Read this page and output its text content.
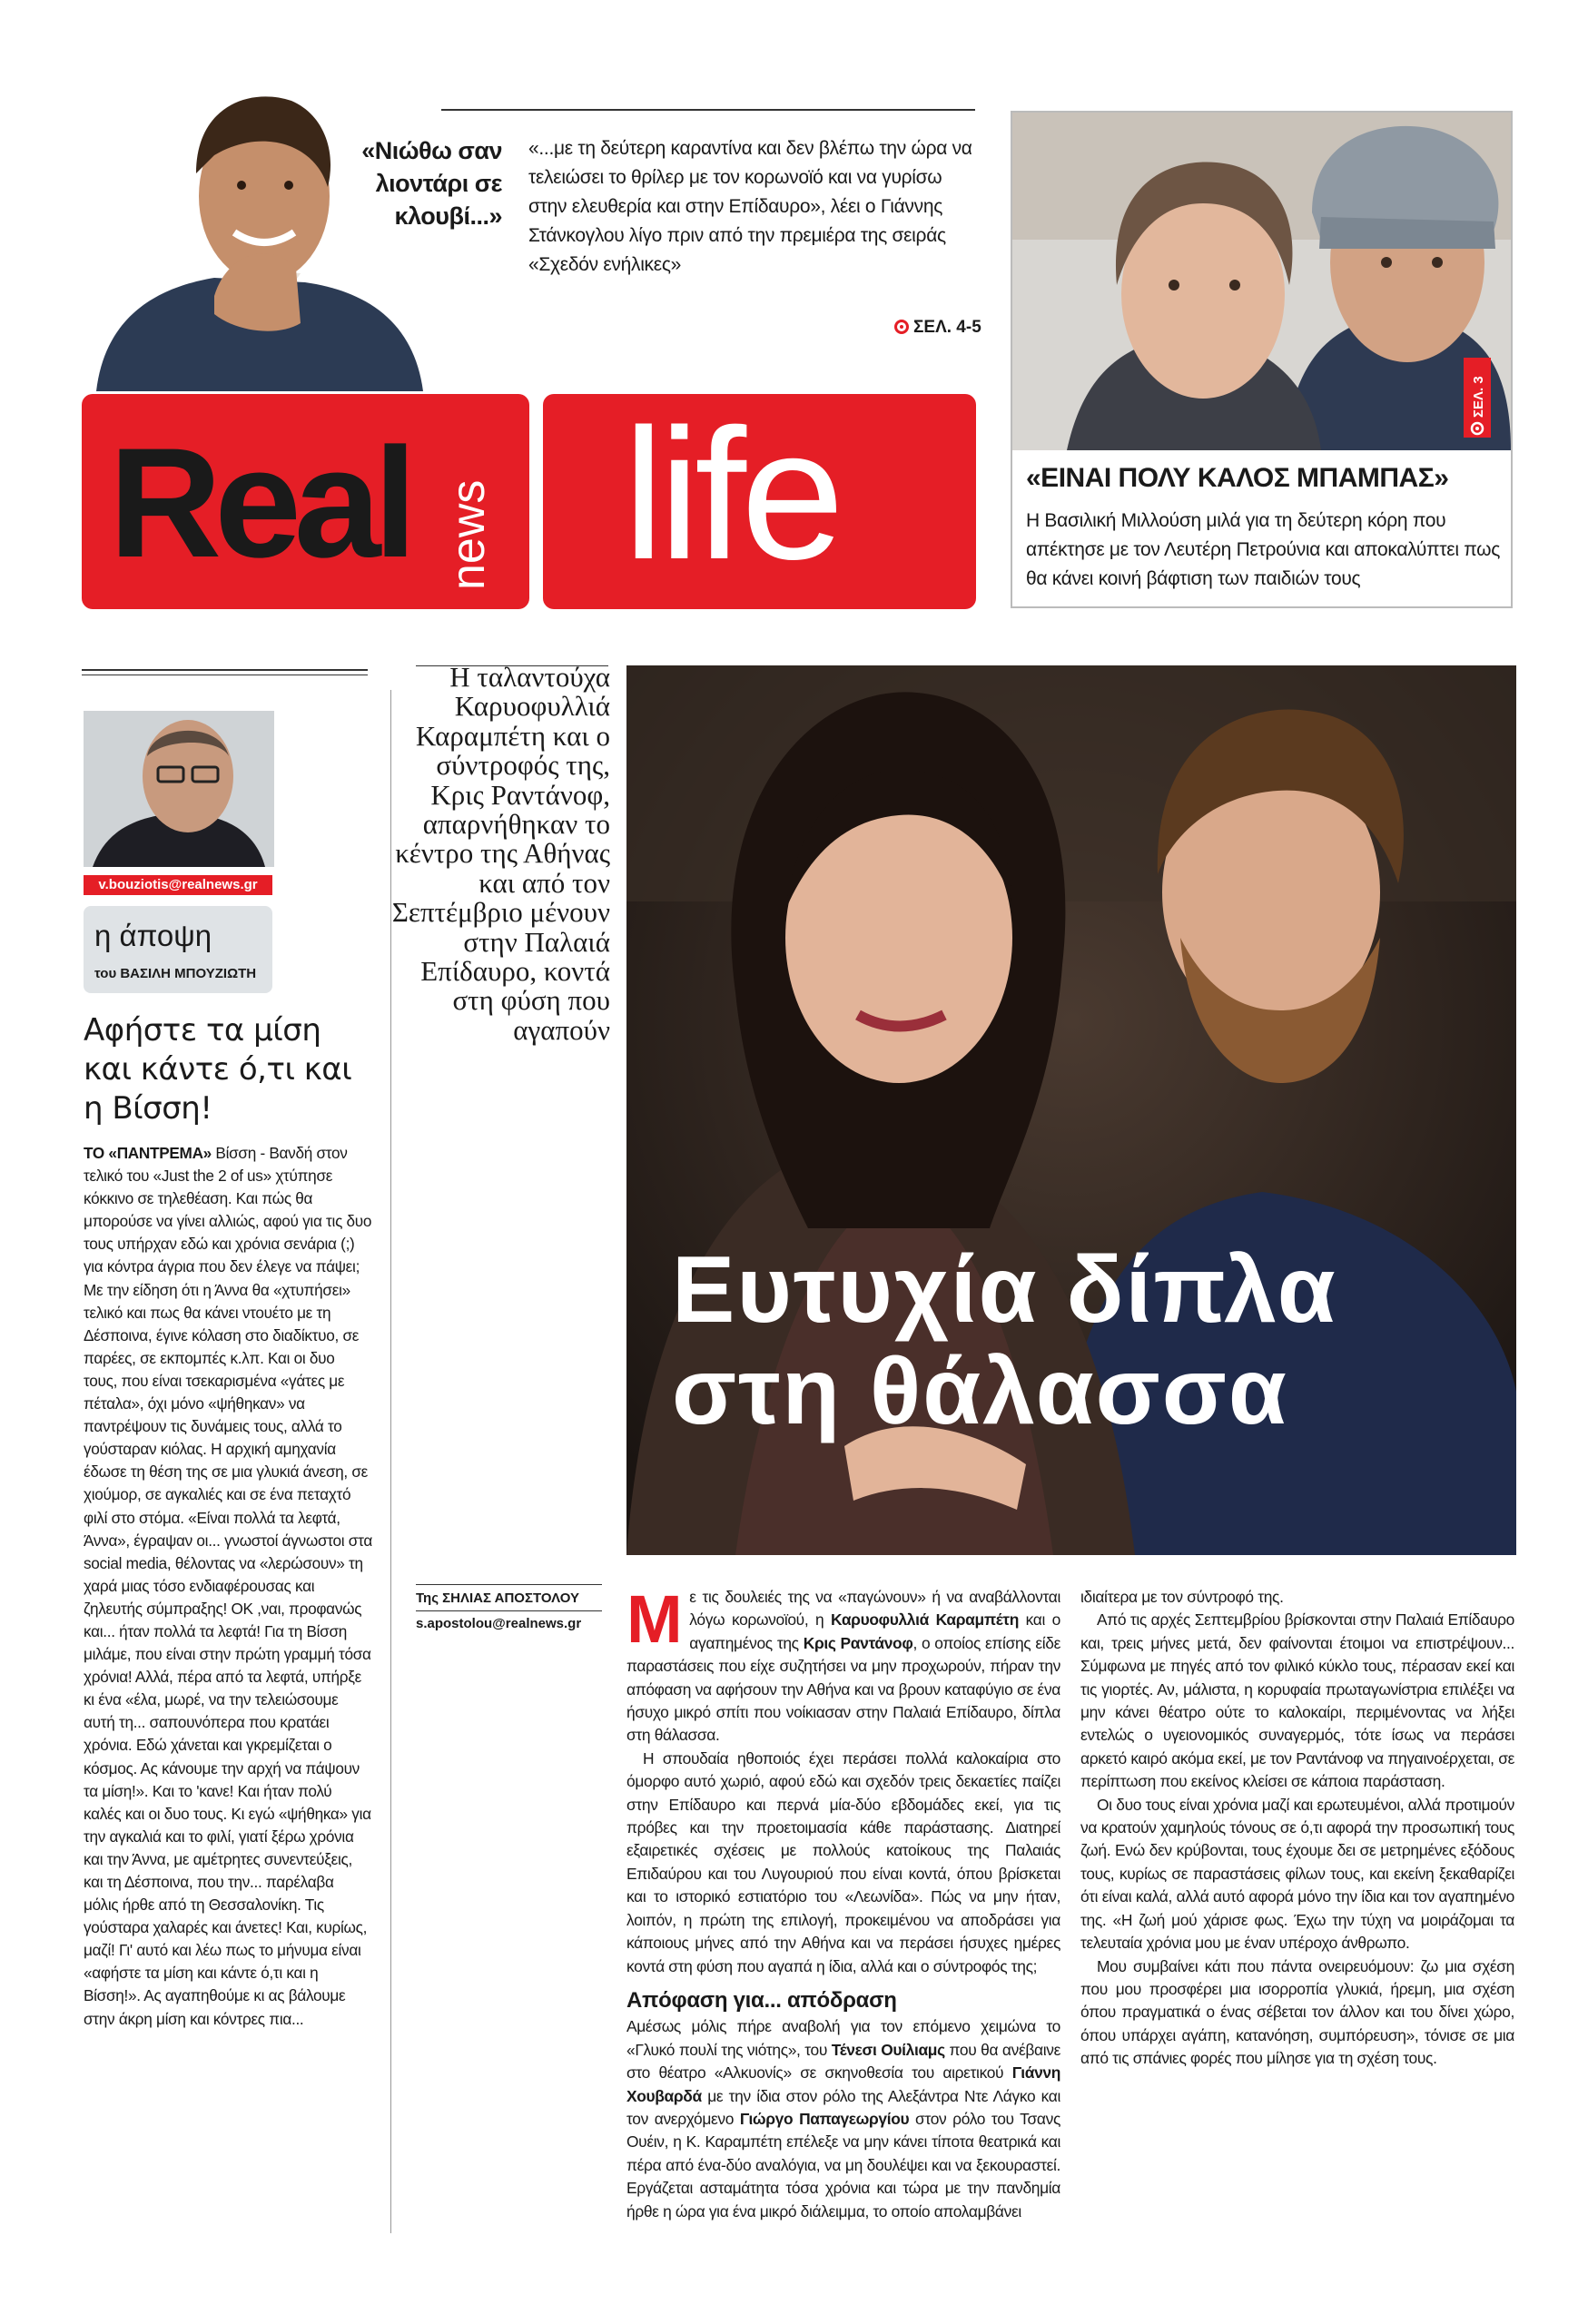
«Νιώθω σαν λιοντάρι σε κλουβί...»
«...με τη δεύτερη καραντίνα και δεν βλέπω την ώρα να τελειώσει το θρίλερ με τον κορωνοϊό και να γυρίσω στην ελευθερία και στην Επίδαυρο», λέει ο Γιάννης Στάνκογλου λίγο πριν από την πρεμιέρα της σειράς «Σχεδόν ενήλικες»
ΣΕΛ. 4-5
Real news life	ΣΕΛ. 3
«ΕΙΝΑΙ ΠΟΛΥ ΚΑΛΟΣ ΜΠΑΜΠΑΣ»
Η Βασιλική Μιλλούση μιλά για τη δεύτερη κόρη που απέκτησε με τον Λευτέρη Πετρούνια και αποκαλύπτει πως θα κάνει κοινή βάφτιση των παιδιών τους
v.bouziotis@realnews.gr
η άποψη
του ΒΑΣΙΛΗ ΜΠΟΥΖΙΩΤΗ
Αφήστε τα μίση και κάντε ό,τι και η Βίσση!

ΤΟ «ΠΑΝΤΡΕΜΑ» Βίσση - Βανδή στον τελικό του «Just the 2 of us» χτύπησε κόκκινο σε τηλεθέαση. Και πώς θα μπορούσε να γίνει αλλιώς, αφού για τις δυο τους υπήρχαν εδώ και χρόνια σενάρια (;) για κόντρα άγρια που δεν έλεγε να πάψει; Με την είδηση ότι η Άννα θα «χτυπήσει» τελικό και πως θα κάνει ντουέτο με τη Δέσποινα, έγινε κόλαση στο διαδίκτυο, σε παρέες, σε εκπομπές κ.λπ. Και οι δυο τους, που είναι τσεκαρισμένα «γάτες με πέταλα», όχι μόνο «ψήθηκαν» να παντρέψουν τις δυνάμεις τους, αλλά το γούσταραν κιόλας. Η αρχική αμηχανία έδωσε τη θέση της σε μια γλυκιά άνεση, σε χιούμορ, σε αγκαλιές και σε ένα πεταχτό φιλί στο στόμα. «Είναι πολλά τα λεφτά, Άννα», έγραψαν οι... γνωστοί άγνωστοι στα social media, θέλοντας να «λερώσουν» τη χαρά μιας τόσο ενδιαφέρουσας και ζηλευτής σύμπραξης! ΟΚ ,ναι, προφανώς και... ήταν πολλά τα λεφτά! Για τη Βίσση μιλάμε, που είναι στην πρώτη γραμμή τόσα χρόνια! Αλλά, πέρα από τα λεφτά, υπήρξε κι ένα «έλα, μωρέ, να την τελειώσουμε αυτή τη... σαπουνόπερα που κρατάει χρόνια. Εδώ χάνεται και γκρεμίζεται ο κόσμος. Ας κάνουμε την αρχή να πάψουν τα μίση!». Και το 'κανε! Και ήταν πολύ καλές και οι δυο τους. Κι εγώ «ψήθηκα» για την αγκαλιά και το φιλί, γιατί ξέρω χρόνια και την Άννα, με αμέτρητες συνεντεύξεις, και τη Δέσποινα, που την... παρέλαβα μόλις ήρθε από τη Θεσσαλονίκη. Τις γούσταρα χαλαρές και άνετες! Και, κυρίως, μαζί! Γι' αυτό και λέω πως το μήνυμα είναι «αφήστε τα μίση και κάντε ό,τι και η Βίσση!». Ας αγαπηθούμε κι ας βάλουμε στην άκρη μίση και κόντρες πια...

Η ταλαντούχα Καρυοφυλλιά Καραμπέτη και ο σύντροφός της, Κρις Ραντάνοφ, απαρνήθηκαν το κέντρο της Αθήνας και από τον Σεπτέμβριο μένουν στην Παλαιά Επίδαυρο, κοντά στη φύση που αγαπούν
Ευτυχία δίπλα
στη θάλασσα
Της ΣΗΛΙΑΣ ΑΠΟΣΤΟΛΟΥ
s.apostolou@realnews.gr Με τις δουλειές της να «παγώνουν» ή να αναβάλλονται λόγω κορωνοϊού, η Καρυοφυλλιά Καραμπέτη και ο αγαπημένος της Κρις Ραντάνοφ, ο οποίος επίσης είδε παραστάσεις που είχε συζητήσει να μην προχωρούν, πήραν την απόφαση να αφήσουν την Αθήνα και να βρουν καταφύγιο σε ένα ήσυχο μικρό σπίτι που νοίκιασαν στην Παλαιά Επίδαυρο, δίπλα στη θάλασσα.

Η σπουδαία ηθοποιός έχει περάσει πολλά καλοκαίρια στο όμορφο αυτό χωριό, αφού εδώ και σχεδόν τρεις δεκαετίες παίζει στην Επίδαυρο και περνά μία-δύο εβδομάδες εκεί, για τις πρόβες και την προετοιμασία κάθε παράστασης. Διατηρεί εξαιρετικές σχέσεις με πολλούς κατοίκους της Παλαιάς Επιδαύρου και του Λυγουριού που είναι κοντά, όπου βρίσκεται και το ιστορικό εστιατόριο του «Λεωνίδα». Πώς να μην ήταν, λοιπόν, η πρώτη της επιλογή, προκειμένου να αποδράσει για κάποιους μήνες από την Αθήνα και να περάσει ήσυχες ημέρες κοντά στη φύση που αγαπά η ίδια, αλλά και ο σύντροφός της;

Απόφαση για... απόδραση

Αμέσως μόλις πήρε αναβολή για τον επόμενο χειμώνα το «Γλυκό πουλί της νιότης», του Τένεσι Ουίλιαμς που θα ανέβαινε στο θέατρο «Αλκυονίς» σε σκηνοθεσία του αιρετικού Γιάννη Χουβαρδά με την ίδια στον ρόλο της Αλεξάντρα Ντε Λάγκο και τον ανερχόμενο Γιώργο Παπαγεωργίου στον ρόλο του Τσανς Ουέιν, η Κ. Καραμπέτη επέλεξε να μην κάνει τίποτα θεατρικά και πέρα από ένα-δύο αναλόγια, να μη δουλέψει και να ξεκουραστεί. Εργάζεται ασταμάτητα τόσα χρόνια και τώρα με την πανδημία ήρθε η ώρα για ένα μικρό διάλειμμα, το οποίο απολαμβάνει

ιδιαίτερα με τον σύντροφό της.

Από τις αρχές Σεπτεμβρίου βρίσκονται στην Παλαιά Επίδαυρο και, τρεις μήνες μετά, δεν φαίνονται έτοιμοι να επιστρέψουν... Σύμφωνα με πηγές από τον φιλικό κύκλο τους, πέρασαν εκεί και τις γιορτές. Αν, μάλιστα, η κορυφαία πρωταγωνίστρια επιλέξει να μην κάνει θέατρο ούτε το καλοκαίρι, περιμένοντας να λήξει εντελώς ο υγειονομικός συναγερμός, τότε ίσως να περάσει αρκετό καιρό ακόμα εκεί, με τον Ραντάνοφ να πηγαινοέρχεται, σε περίπτωση που εκείνος κλείσει σε κάποια παράσταση.

Οι δυο τους είναι χρόνια μαζί και ερωτευμένοι, αλλά προτιμούν να κρατούν χαμηλούς τόνους σε ό,τι αφορά την προσωπική τους ζωή. Ενώ δεν κρύβονται, τους έχουμε δει σε μετρημένες εξόδους τους, κυρίως σε παραστάσεις φίλων τους, και εκείνη ξεκαθαρίζει ότι είναι καλά, αλλά αυτό αφορά μόνο την ίδια και τον αγαπημένο της. «Η ζωή μού χάρισε φως. Έχω την τύχη να μοιράζομαι τα τελευταία χρόνια μου με έναν υπέροχο άνθρωπο.

Μου συμβαίνει κάτι που πάντα ονειρευόμουν: ζω μια σχέση που μου προσφέρει μια ισορροπία γλυκιά, ήρεμη, μια σχέση όπου πραγματικά ο ένας σέβεται τον άλλον και του δίνει χώρο, όπου υπάρχει αγάπη, κατανόηση, συμπόρευση», τόνισε σε μια από τις σπάνιες φορές που μίλησε για τη σχέση τους.
